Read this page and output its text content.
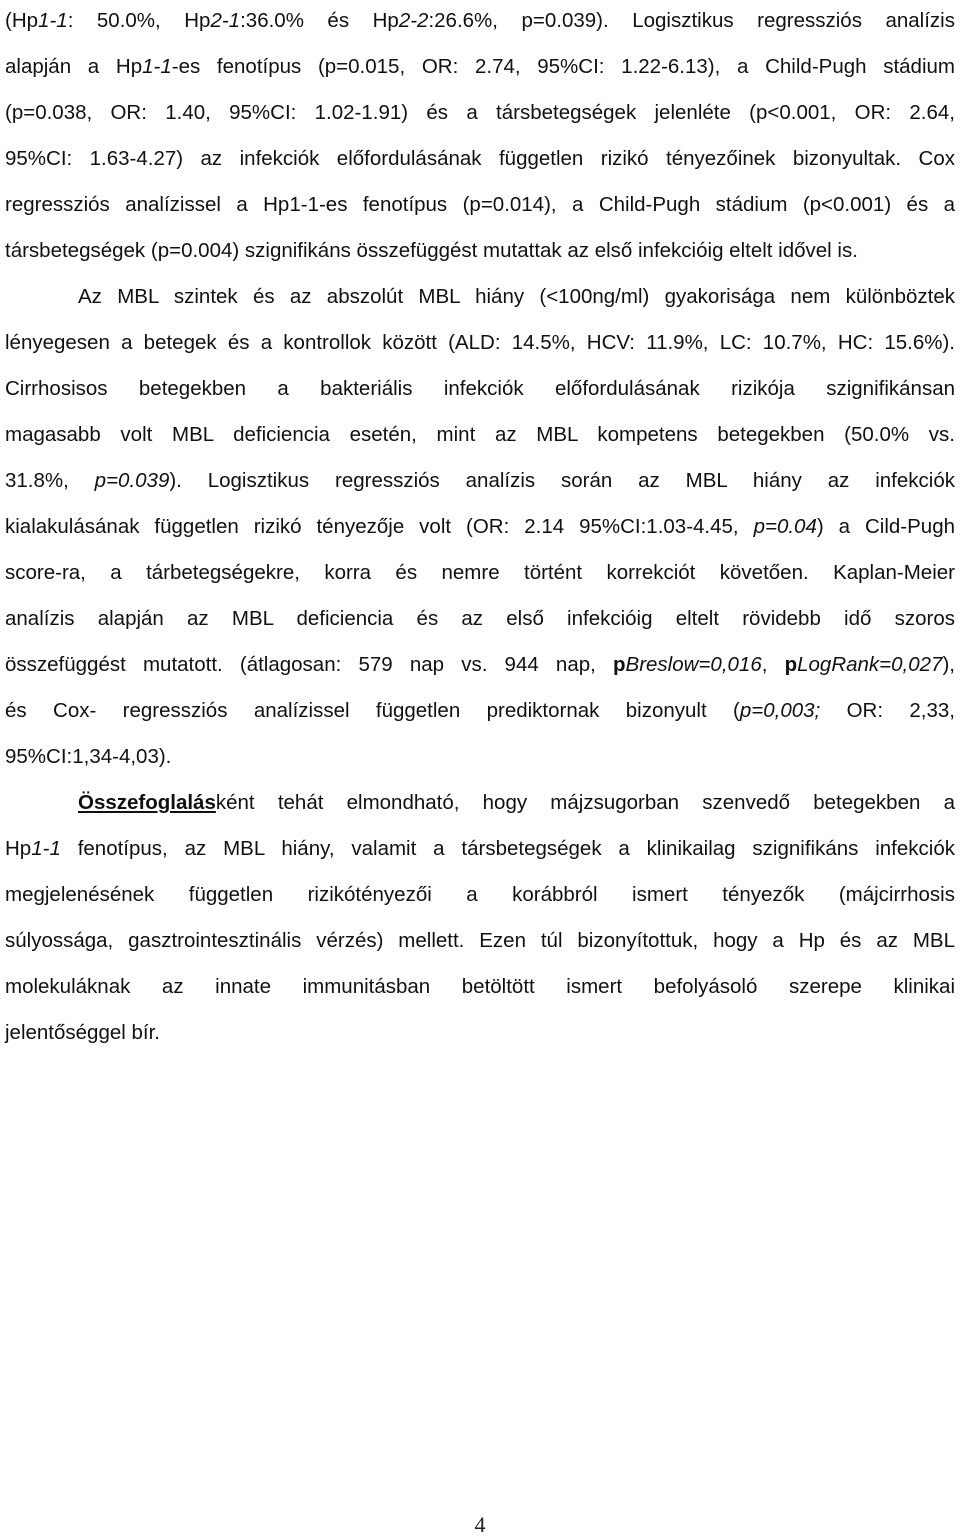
(Hp1-1: 50.0%, Hp2-1:36.0% és Hp2-2:26.6%, p=0.039). Logisztikus regressziós analízis
alapján a Hp1-1-es fenotípus (p=0.015, OR: 2.74, 95%CI: 1.22-6.13), a Child-Pugh stádium
(p=0.038, OR: 1.40, 95%CI: 1.02-1.91) és a társbetegségek jelenléte (p<0.001, OR: 2.64,
95%CI: 1.63-4.27) az infekciók előfordulásának független rizikó tényezőinek bizonyultak. Cox
regressziós analízissel a Hp1-1-es fenotípus (p=0.014), a Child-Pugh stádium (p<0.001) és a
társbetegségek (p=0.004) szignifikáns összefüggést mutattak az első infekcióig eltelt idővel is.
Az MBL szintek és az abszolút MBL hiány (<100ng/ml) gyakorisága nem különböztek
lényegesen a betegek és a kontrollok között (ALD: 14.5%, HCV: 11.9%, LC: 10.7%, HC: 15.6%).
Cirrhosisos betegekben a bakteriális infekciók előfordulásának rizikója szignifikánsan
magasabb volt MBL deficiencia esetén, mint az MBL kompetens betegekben (50.0% vs.
31.8%, p=0.039). Logisztikus regressziós analízis során az MBL hiány az infekciók
kialakulásának független rizikó tényezője volt (OR: 2.14 95%CI:1.03-4.45, p=0.04) a Cild-Pugh
score-ra, a tárbetegségekre, korra és nemre történt korrekciót követően. Kaplan-Meier
analízis alapján az MBL deficiencia és az első infekcióig eltelt rövidebb idő szoros
összefüggést mutatott. (átlagosan: 579 nap vs. 944 nap, pBreslow=0,016, pLogRank=0,027),
és Cox- regressziós analízissel független prediktornak bizonyult (p=0,003; OR: 2,33,
95%CI:1,34-4,03).
Összefoglalásként tehát elmondható, hogy májzsugorban szenvedő betegekben a
Hp1-1 fenotípus, az MBL hiány, valamit a társbetegségek a klinikailag szignifikáns infekciók
megjelenésének független rizikótényezői a korábbról ismert tényezők (májcirrhosis
súlyossága, gasztrointesztinális vérzés) mellett. Ezen túl bizonyítottuk, hogy a Hp és az MBL
molekuláknak az innate immunitásban betöltött ismert befolyásoló szerepe klinikai
jelentőséggel bír.
4
